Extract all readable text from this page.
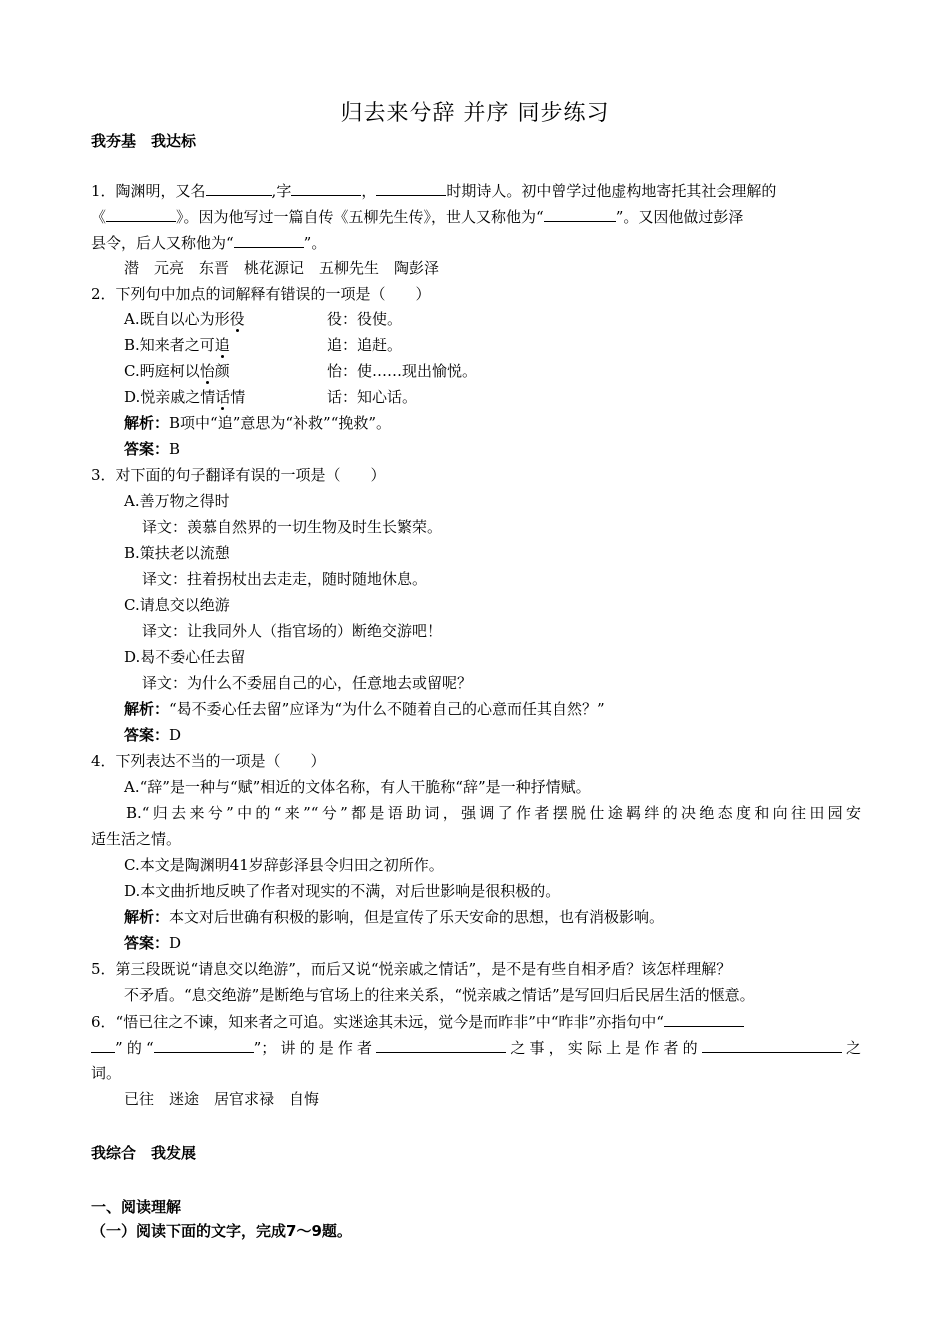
归去来兮辞 并序 同步练习
我夯基　我达标
1．陶渊明，又名	,字	，	时期诗人。初中曾学过他虚构地寄托其社会理解的
《	》。因为他写过一篇自传《五柳先生传》，世人又称他为“	”。又因他做过彭泽
县令，后人又称他为“	”。
潜　元亮　东晋　桃花源记　五柳先生　陶彭泽
2．下列句中加点的词解释有错误的一项是（　　）
A.既自以心为形役	役：役使。
B.知来者之可追	追：追赶。
C.眄庭柯以怡颜	怡：使……现出愉悦。
D.悦亲戚之情话情	话：知心话。
解析：B项中“追”意思为“补救”“挽救”。
答案：B
3．对下面的句子翻译有误的一项是（　　）
A.善万物之得时
译文：羡慕自然界的一切生物及时生长繁荣。
B.策扶老以流憩
译文：拄着拐杖出去走走，随时随地休息。
C.请息交以绝游
译文：让我同外人（指官场的）断绝交游吧！
D.曷不委心任去留
译文：为什么不委屈自己的心，任意地去或留呢？
解析：“曷不委心任去留”应译为“为什么不随着自己的心意而任其自然？”
答案：D
4．下列表达不当的一项是（　　）
A.“辞”是一种与“赋”相近的文体名称，有人干脆称“辞”是一种抒情赋。
B.“归去来兮”中的“来”“兮”都是语助词，强调了作者摆脱仕途羁绊的决绝态度和向往田园安
适生活之情。
C.本文是陶渊明41岁辞彭泽县令归田之初所作。
D.本文曲折地反映了作者对现实的不满，对后世影响是很积极的。
解析：本文对后世确有积极的影响，但是宣传了乐天安命的思想，也有消极影响。
答案：D
5．第三段既说“请息交以绝游”，而后又说“悦亲戚之情话”，是不是有些自相矛盾？该怎样理解？
不矛盾。“息交绝游”是断绝与官场上的往来关系，“悦亲戚之情话”是写回归后民居生活的惬意。
6．“悟已往之不谏，知来者之可追。实迷途其未远，觉今是而昨非”中“昨非”亦指句中“
”的“	”；讲的是作者	之事，实际上是作者的	之
词。
已往　迷途　居官求禄　自悔
我综合　我发展
一、阅读理解
（一）阅读下面的文字，完成7～9题。
